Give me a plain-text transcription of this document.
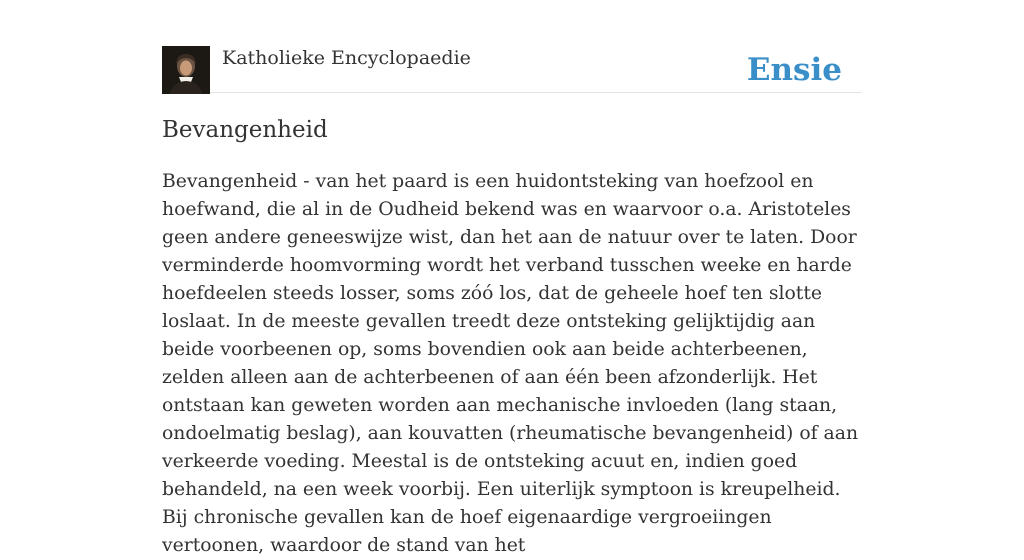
Katholieke Encyclopaedie	Ensie
Bevangenheid

Bevangenheid - van het paard is een huidontsteking van hoefzool en hoefwand, die al in de Oudheid bekend was en waarvoor o.a. Aristoteles geen andere geneeswijze wist, dan het aan de natuur over te laten. Door verminderde hoomvorming wordt het verband tusschen weeke en harde hoefdeelen steeds losser, soms zóó los, dat de geheele hoef ten slotte loslaat. In de meeste gevallen treedt deze ontsteking gelijktijdig aan beide voorbeenen op, soms bovendien ook aan beide achterbeenen, zelden alleen aan de achterbeenen of aan één been afzonderlijk. Het ontstaan kan geweten worden aan mechanische invloeden (lang staan, ondoelmatig beslag), aan kouvatten (rheumatische bevangenheid) of aan verkeerde voeding. Meestal is de ontsteking acuut en, indien goed behandeld, na een week voorbij. Een uiterlijk symptoon is kreupelheid. Bij chronische gevallen kan de hoef eigenaardige vergroeiingen vertoonen, waardoor de stand van het
